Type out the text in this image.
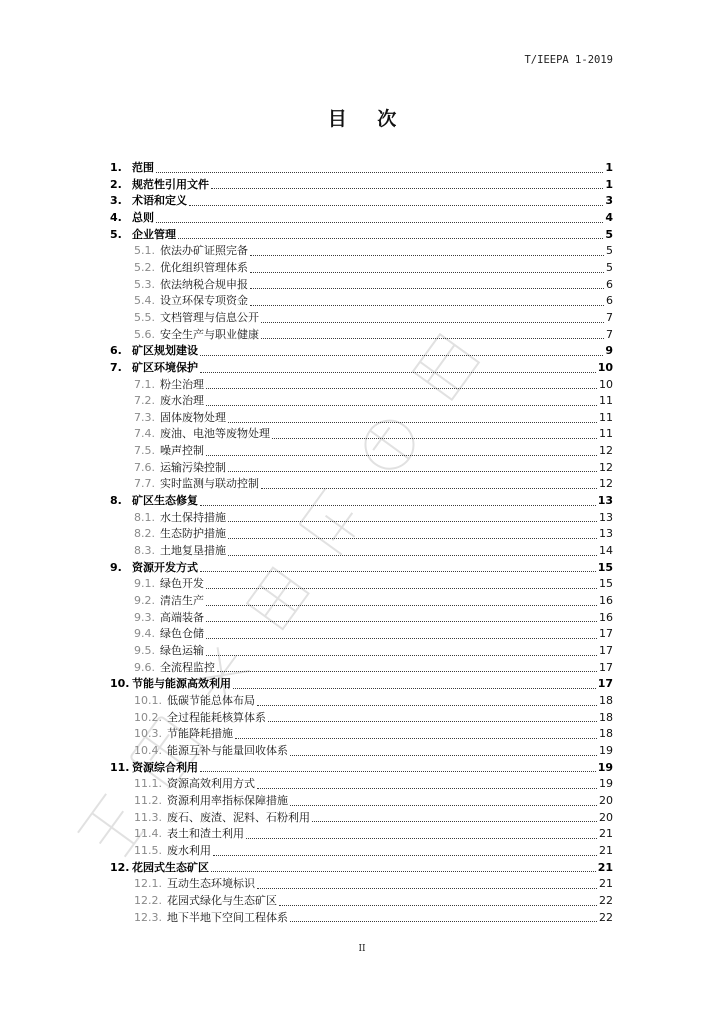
T/IEEPA 1-2019
目 次
1. 范围	1
2. 规范性引用文件	1
3. 术语和定义	3
4. 总则	4
5. 企业管理	5
5.1. 依法办矿证照完备	5
5.2. 优化组织管理体系	5
5.3. 依法纳税合规申报	6
5.4. 设立环保专项资金	6
5.5. 文档管理与信息公开	7
5.6. 安全生产与职业健康	7
6. 矿区规划建设	9
7. 矿区环境保护	10
7.1. 粉尘治理	10
7.2. 废水治理	11
7.3. 固体废物处理	11
7.4. 废油、电池等废物处理	11
7.5. 噪声控制	12
7.6. 运输污染控制	12
7.7. 实时监测与联动控制	12
8. 矿区生态修复	13
8.1. 水土保持措施	13
8.2. 生态防护措施	13
8.3. 土地复垦措施	14
9. 资源开发方式	15
9.1. 绿色开发	15
9.2. 清洁生产	16
9.3. 高端装备	16
9.4. 绿色仓储	17
9.5. 绿色运输	17
9.6. 全流程监控	17
10. 节能与能源高效利用	17
10.1. 低碳节能总体布局	18
10.2. 全过程能耗核算体系	18
10.3. 节能降耗措施	18
10.4. 能源互补与能量回收体系	19
11. 资源综合利用	19
11.1. 资源高效利用方式	19
11.2. 资源利用率指标保障措施	20
11.3. 废石、废渣、泥料、石粉利用	20
11.4. 表土和渣土利用	21
11.5. 废水利用	21
12. 花园式生态矿区	21
12.1. 互动生态环境标识	21
12.2. 花园式绿化与生态矿区	22
12.3. 地下半地下空间工程体系	22
II
